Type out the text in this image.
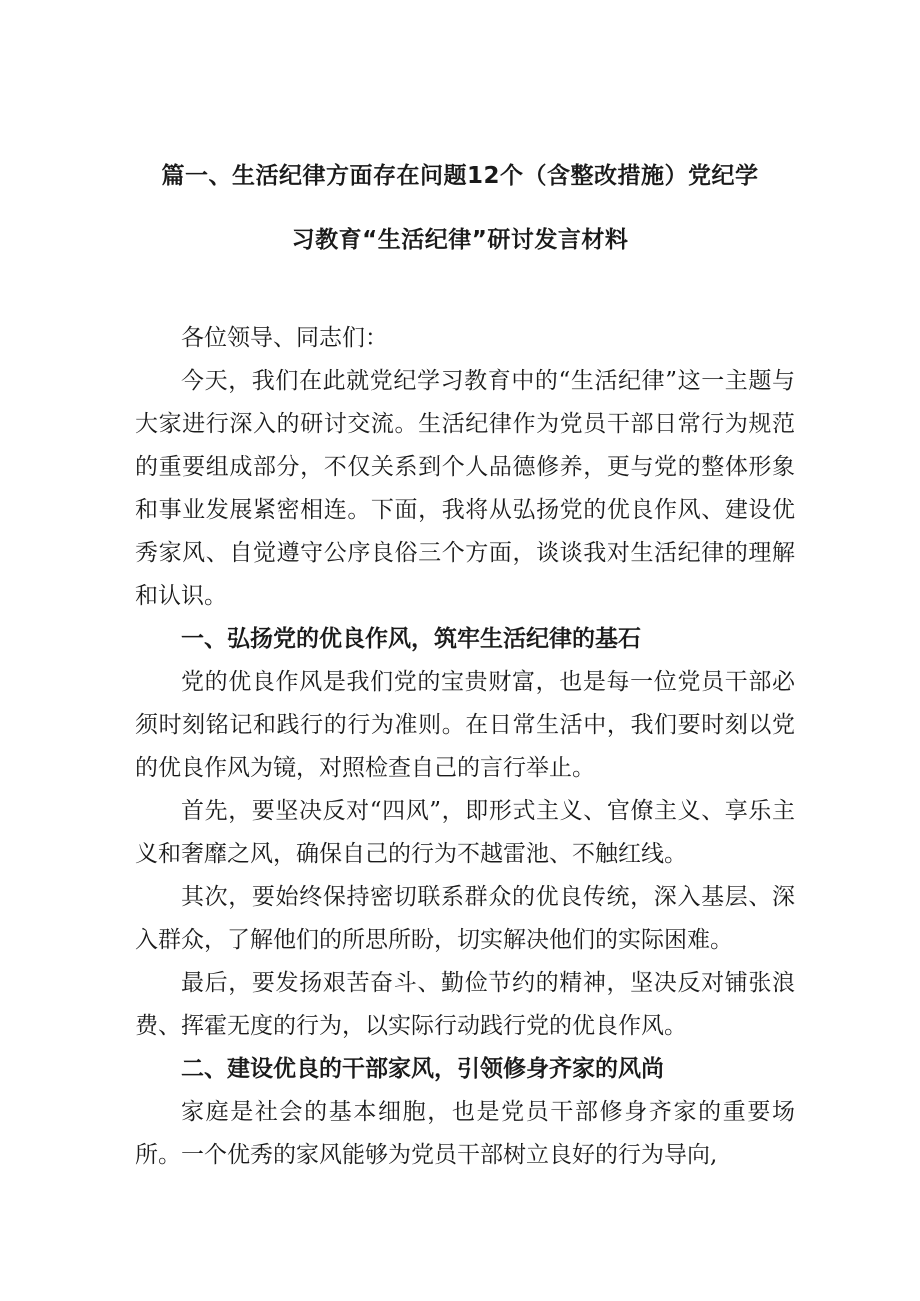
篇一、生活纪律方面存在问题12个（含整改措施）党纪学
习教育“生活纪律”研讨发言材料

各位领导、同志们：

今天，我们在此就党纪学习教育中的“生活纪律”这一主题与大家进行深入的研讨交流。生活纪律作为党员干部日常行为规范的重要组成部分，不仅关系到个人品德修养，更与党的整体形象和事业发展紧密相连。下面，我将从弘扬党的优良作风、建设优秀家风、自觉遵守公序良俗三个方面，谈谈我对生活纪律的理解和认识。

一、弘扬党的优良作风，筑牢生活纪律的基石

党的优良作风是我们党的宝贵财富，也是每一位党员干部必须时刻铭记和践行的行为准则。在日常生活中，我们要时刻以党的优良作风为镜，对照检查自己的言行举止。

首先，要坚决反对“四风”，即形式主义、官僚主义、享乐主义和奢靡之风，确保自己的行为不越雷池、不触红线。

其次，要始终保持密切联系群众的优良传统，深入基层、深入群众，了解他们的所思所盼，切实解决他们的实际困难。

最后，要发扬艰苦奋斗、勤俭节约的精神，坚决反对铺张浪费、挥霍无度的行为，以实际行动践行党的优良作风。

二、建设优良的干部家风，引领修身齐家的风尚

家庭是社会的基本细胞，也是党员干部修身齐家的重要场所。一个优秀的家风能够为党员干部树立良好的行为导向,
